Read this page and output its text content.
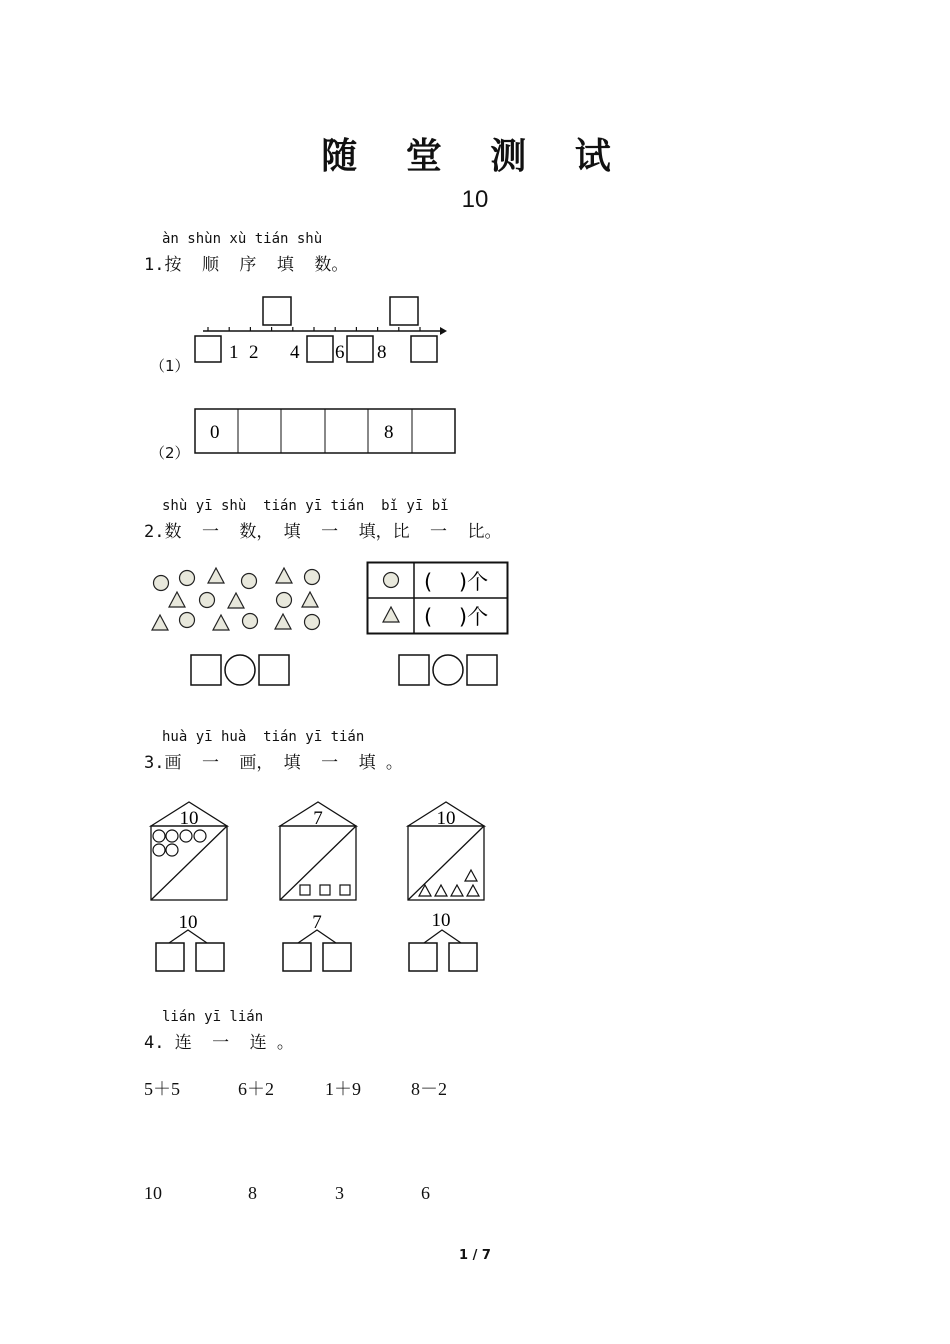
随 堂 测 试
10
àn shùn xù tián shù
1.按  顺  序  填  数。
（1）
1 2 4 6 8
（2）
0	8
shù yī shù  tián yī tián  bǐ yī bǐ
2.数  一  数， 填  一  填，比  一  比。
(    )个
(    )个
huà yī huà  tián yī tián
3.画  一  画， 填  一  填 。
10
10
7
7
10
10
lián yī lián
4. 连  一  连 。
5＋5	6＋2	1＋9	8－2
10	8	3	6
1 / 7
